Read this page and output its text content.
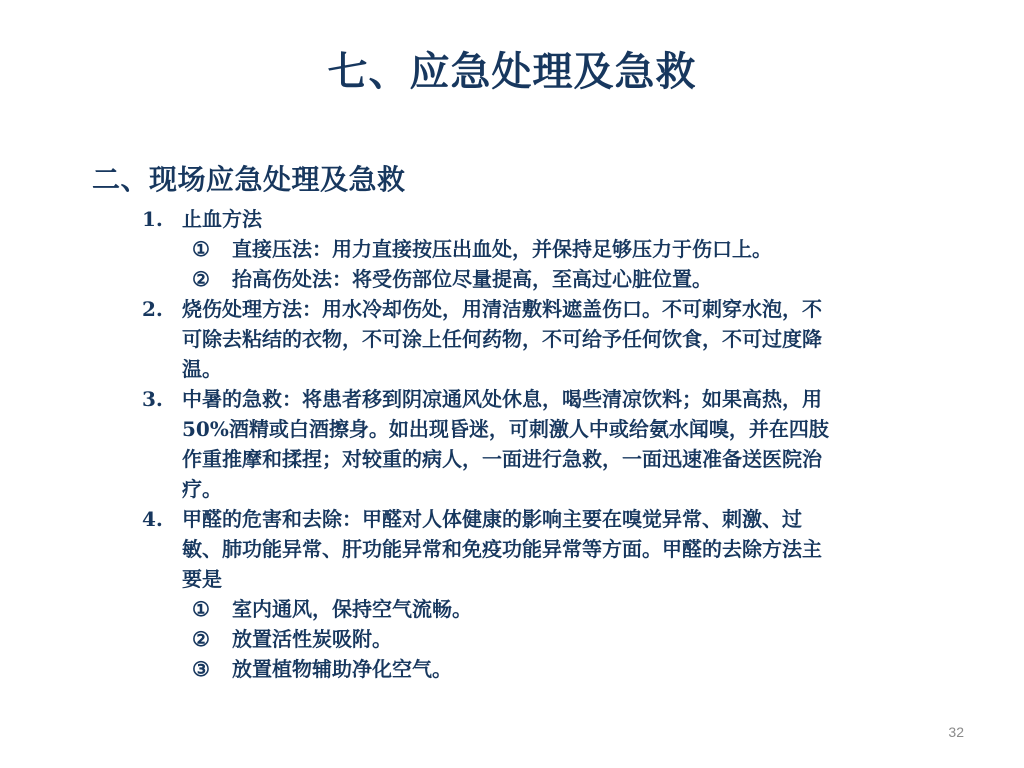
七、应急处理及急救
二、现场应急处理及急救
1. 止血方法
①	直接压法：用力直接按压出血处，并保持足够压力于伤口上。
②	抬高伤处法：将受伤部位尽量提高，至高过心脏位置。
2. 烧伤处理方法：用水冷却伤处，用清洁敷料遮盖伤口。不可刺穿水泡，不可除去粘结的衣物，不可涂上任何药物，不可给予任何饮食，不可过度降温。
3. 中暑的急救：将患者移到阴凉通风处休息，喝些清凉饮料；如果高热，用50%酒精或白酒擦身。如出现昏迷，可刺激人中或给氨水闻嗅，并在四肢作重推摩和揉捏；对较重的病人，一面进行急救，一面迅速准备送医院治疗。
4. 甲醛的危害和去除：甲醛对人体健康的影响主要在嗅觉异常、刺激、过敏、肺功能异常、肝功能异常和免疫功能异常等方面。甲醛的去除方法主要是
①	室内通风，保持空气流畅。
②	放置活性炭吸附。
③	放置植物辅助净化空气。
32
